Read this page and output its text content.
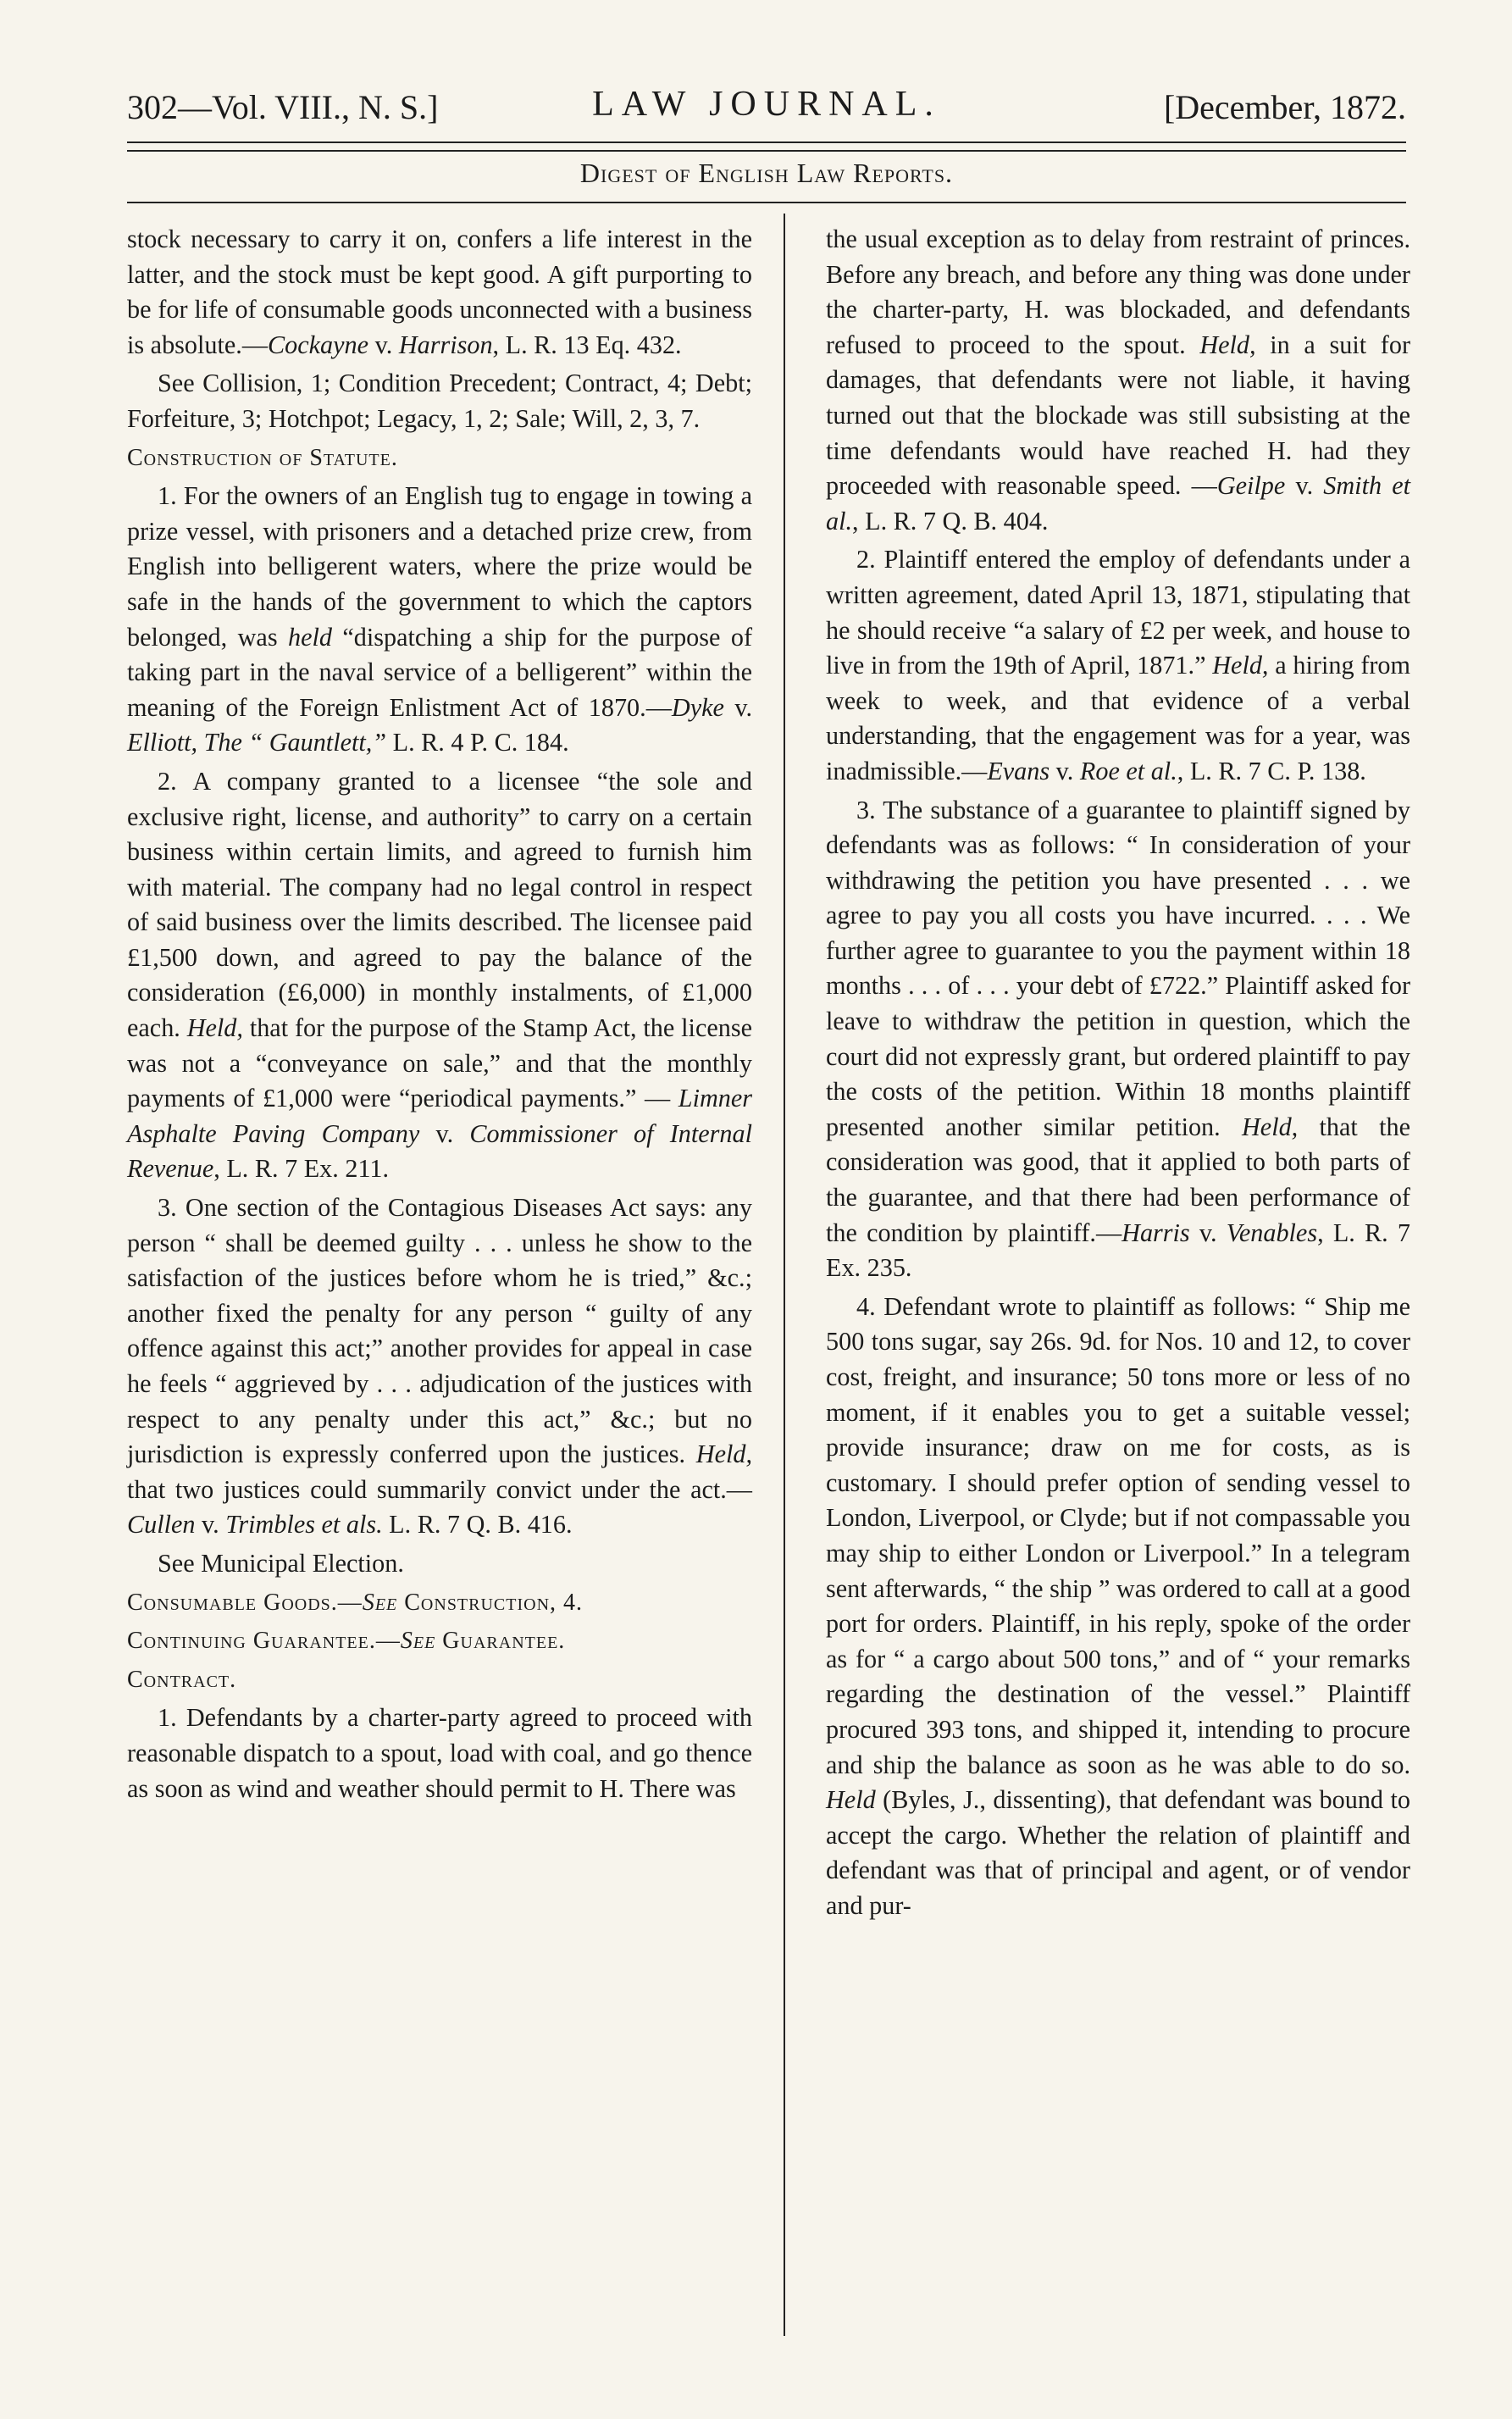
302—Vol. VIII., N. S.]	LAW JOURNAL.	[December, 1872.
Digest of English Law Reports.

stock necessary to carry it on, confers a life interest in the latter, and the stock must be kept good. A gift purporting to be for life of consumable goods unconnected with a business is absolute.—Cockayne v. Harrison, L. R. 13 Eq. 432.

See Collision, 1; Condition Precedent; Contract, 4; Debt; Forfeiture, 3; Hotchpot; Legacy, 1, 2; Sale; Will, 2, 3, 7.

Construction of Statute.

1. For the owners of an English tug to engage in towing a prize vessel, with prisoners and a detached prize crew, from English into belligerent waters, where the prize would be safe in the hands of the government to which the captors belonged, was held “dispatching a ship for the purpose of taking part in the naval service of a belligerent” within the meaning of the Foreign Enlistment Act of 1870.—Dyke v. Elliott, The “ Gauntlett,” L. R. 4 P. C. 184.

2. A company granted to a licensee “the sole and exclusive right, license, and authority” to carry on a certain business within certain limits, and agreed to furnish him with material. The company had no legal control in respect of said business over the limits described. The licensee paid £1,500 down, and agreed to pay the balance of the consideration (£6,000) in monthly instalments, of £1,000 each. Held, that for the purpose of the Stamp Act, the license was not a “conveyance on sale,” and that the monthly payments of £1,000 were “periodical payments.” — Limner Asphalte Paving Company v. Commissioner of Internal Revenue, L. R. 7 Ex. 211.

3. One section of the Contagious Diseases Act says: any person “ shall be deemed guilty . . . unless he show to the satisfaction of the justices before whom he is tried,” &c.; another fixed the penalty for any person “ guilty of any offence against this act;” another provides for appeal in case he feels “ aggrieved by . . . adjudication of the justices with respect to any penalty under this act,” &c.; but no jurisdiction is expressly conferred upon the justices. Held, that two justices could summarily convict under the act.—Cullen v. Trimbles et als. L. R. 7 Q. B. 416.

See Municipal Election.

Consumable Goods.—See Construction, 4.

Continuing Guarantee.—See Guarantee.

Contract.

1. Defendants by a charter-party agreed to proceed with reasonable dispatch to a spout, load with coal, and go thence as soon as wind and weather should permit to H. There was

the usual exception as to delay from restraint of princes. Before any breach, and before any thing was done under the charter-party, H. was blockaded, and defendants refused to proceed to the spout. Held, in a suit for damages, that defendants were not liable, it having turned out that the blockade was still subsisting at the time defendants would have reached H. had they proceeded with reasonable speed. —Geilpe v. Smith et al., L. R. 7 Q. B. 404.

2. Plaintiff entered the employ of defendants under a written agreement, dated April 13, 1871, stipulating that he should receive “a salary of £2 per week, and house to live in from the 19th of April, 1871.” Held, a hiring from week to week, and that evidence of a verbal understanding, that the engagement was for a year, was inadmissible.—Evans v. Roe et al., L. R. 7 C. P. 138.

3. The substance of a guarantee to plaintiff signed by defendants was as follows: “ In consideration of your withdrawing the petition you have presented . . . we agree to pay you all costs you have incurred. . . . We further agree to guarantee to you the payment within 18 months . . . of . . . your debt of £722.” Plaintiff asked for leave to withdraw the petition in question, which the court did not expressly grant, but ordered plaintiff to pay the costs of the petition. Within 18 months plaintiff presented another similar petition. Held, that the consideration was good, that it applied to both parts of the guarantee, and that there had been performance of the condition by plaintiff.—Harris v. Venables, L. R. 7 Ex. 235.

4. Defendant wrote to plaintiff as follows: “ Ship me 500 tons sugar, say 26s. 9d. for Nos. 10 and 12, to cover cost, freight, and insurance; 50 tons more or less of no moment, if it enables you to get a suitable vessel; provide insurance; draw on me for costs, as is customary. I should prefer option of sending vessel to London, Liverpool, or Clyde; but if not compassable you may ship to either London or Liverpool.” In a telegram sent afterwards, “ the ship ” was ordered to call at a good port for orders. Plaintiff, in his reply, spoke of the order as for “ a cargo about 500 tons,” and of “ your remarks regarding the destination of the vessel.” Plaintiff procured 393 tons, and shipped it, intending to procure and ship the balance as soon as he was able to do so. Held (Byles, J., dissenting), that defendant was bound to accept the cargo. Whether the relation of plaintiff and defendant was that of principal and agent, or of vendor and pur-
